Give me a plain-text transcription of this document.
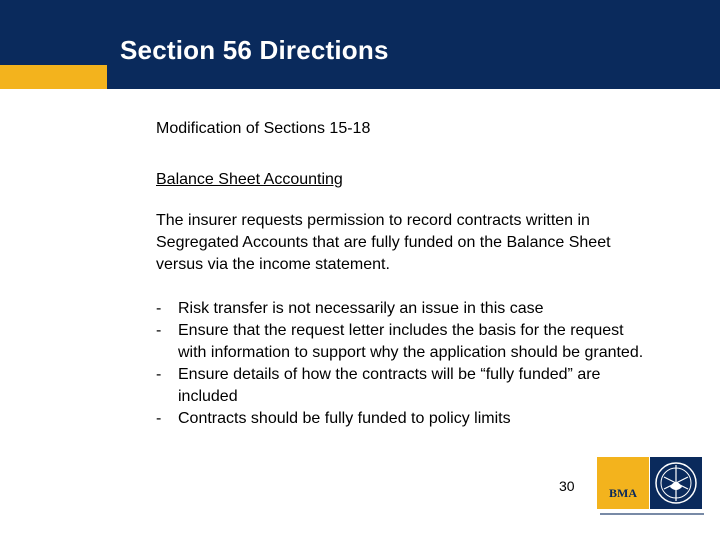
Section 56 Directions
Modification of Sections 15-18
Balance Sheet Accounting
The insurer requests permission to record contracts written in
Segregated Accounts that are fully funded on the Balance Sheet
versus via the income statement.
- Risk transfer is not necessarily an issue in this case
- Ensure that the request letter includes the basis for the request
with information to support why the application should be granted.
- Ensure details of how the contracts will be “fully funded” are
included
- Contracts should be fully funded to policy limits
30	BMA
